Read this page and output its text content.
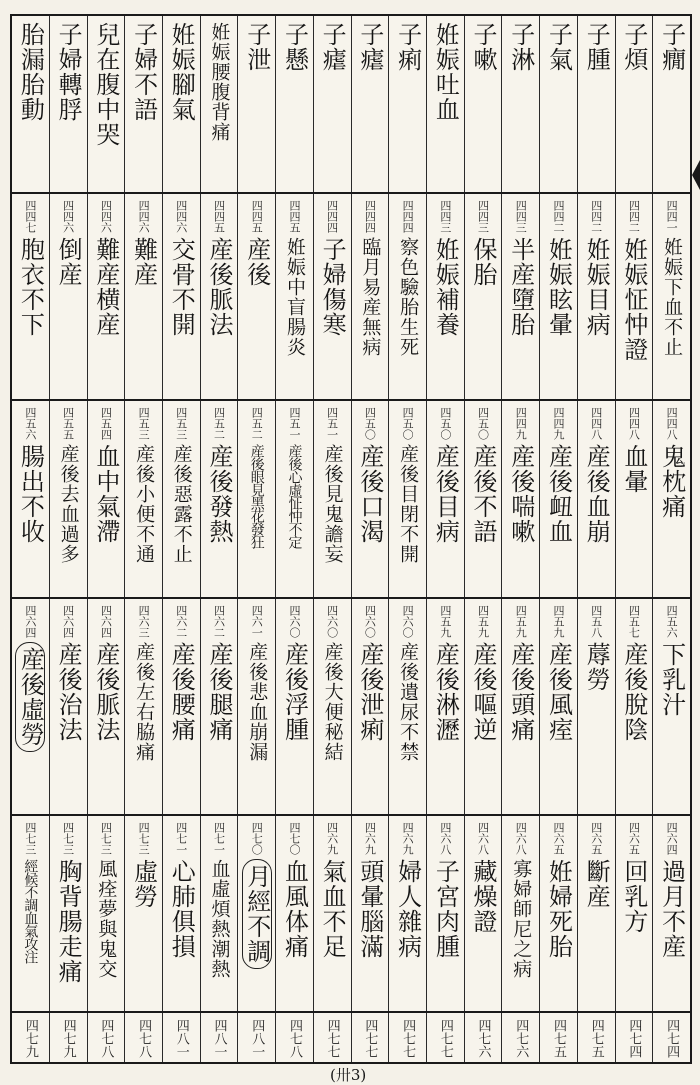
子癇
子煩
子腫
子氣
子淋
子嗽
姙娠吐血
子痢
子瘧
子瘧
子懸
子泄
姙娠腰腹背痛
姙娠腳氣
子婦不語
兒在腹中哭
子婦轉脬
胎漏胎動
四四一
姙娠下血不止
四四二
姙娠怔忡證
四四二
姙娠目病
四四二
姙娠眩暈
四四三
半産墮胎
四四三
保胎
四四三
姙娠補養
四四四
察色驗胎生死
四四四
臨月易産無病
四四四
子婦傷寒
四四五
姙娠中盲腸炎
四四五
産後
四四五
産後脈法
四四六
交骨不開
四四六
難産
四四六
難産横産
四四六
倒産
四四七
胞衣不下
四四八
鬼枕痛
四四八
血暈
四四八
産後血崩
四四九
産後衄血
四四九
産後喘嗽
四五〇
産後不語
四五〇
産後目病
四五〇
産後目閉不開
四五〇
産後口渴
四五一
産後見鬼譫妄
四五一
産後心虛怔忡不定
四五二
産後眼見黑花發狂
四五二
産後發熱
四五三
産後惡露不止
四五三
産後小便不通
四五四
血中氣滯
四五五
産後去血過多
四五六
腸出不收
四五六
下乳汁
四五七
産後脫陰
四五八
蓐勞
四五九
産後風痓
四五九
産後頭痛
四五九
産後嘔逆
四五九
産後淋瀝
四六〇
産後遺尿不禁
四六〇
産後泄痢
四六〇
産後大便秘結
四六〇
産後浮腫
四六一
産後悲血崩漏
四六二
産後腿痛
四六二
産後腰痛
四六三
産後左右脇痛
四六四
産後脈法
四六四
産後治法
四六四
産後虛勞
四六四
過月不産
四六五
回乳方
四六五
斷産
四六五
姙婦死胎
四六八
寡婦師尼之病
四六八
藏燥證
四六八
子宮肉腫
四六九
婦人雜病
四六九
頭暈腦滿
四六九
氣血不足
四七〇
血風体痛
四七〇
月經不調
四七一
血虛煩熱潮熱
四七一
心肺俱損
四七三
虛勞
四七三
風痊夢與鬼交
四七三
胸背腸走痛
四七三
經候不調血氣攻注
四七四
四七四
四七五
四七五
四七六
四七六
四七七
四七七
四七七
四七七
四七八
四八一
四八一
四八一
四七八
四七八
四七九
四七九
(卅3)
